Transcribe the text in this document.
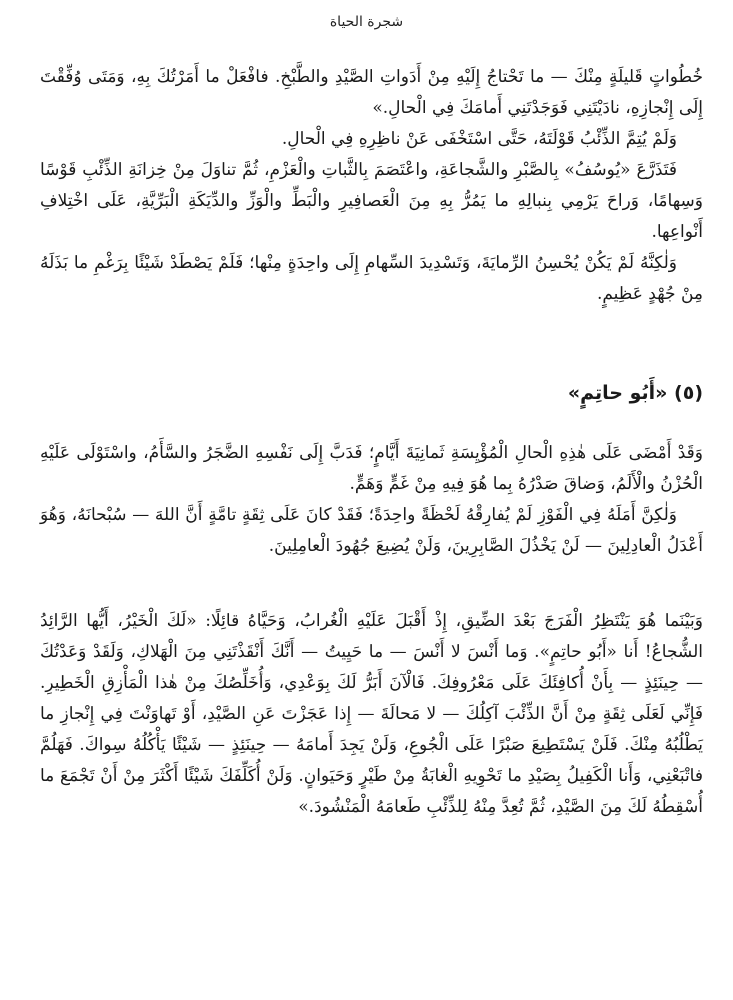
شجرة الحياة

خُطُواتٍ قَليلَةٍ مِنْكَ — ما تَحْتاجُ إِلَيْهِ مِنْ أَدَواتِ الصَّيْدِ والطَّبْخِ. فافْعَلْ ما أَمَرْتُكَ بِهِ، وَمَتَى وُفِّقْتَ إِلَى إِنْجازِهِ، نادَيْتَنِي فَوَجَدْتَنِي أَمامَكَ فِي الْحالِ.»

وَلَمْ يُتِمَّ الذِّئْبُ قَوْلَتَهُ، حَتَّى اسْتَخْفَى عَنْ ناظِرِهِ فِي الْحالِ.

فَتَذَرَّعَ «يُوسُفُ» بِالصَّبْرِ والشَّجاعَةِ، واعْتَصَمَ بِالثَّباتِ والْعَزْمِ، ثُمَّ تناوَلَ مِنْ خِزانَةِ الذِّئْبِ قَوْسًا وَسِهامًا، وَراحَ يَرْمِي بِنبالِهِ ما يَمُرُّ بِهِ مِنَ الْعَصافِيرِ والْبَطِّ والْوَزِّ والدِّيَكَةِ الْبَرِّيَّةِ، عَلَى اخْتِلافِ أَنْواعِها.

وَلٰكِنَّهُ لَمْ يَكُنْ يُحْسِنُ الرِّمايَةَ، وَتَسْدِيدَ السِّهامِ إِلَى واحِدَةٍ مِنْها؛ فَلَمْ يَصْطَدْ شَيْئًا بِرَغْمِ ما بَذَلَهُ مِنْ جُهْدٍ عَظِيمٍ.

(٥) «أَبُو حاتِمٍ»

وَقَدْ أَمْضَى عَلَى هٰذِهِ الْحالِ الْمُؤْيِسَةِ ثَمانِيَةَ أَيَّامٍ؛ فَدَبَّ إِلَى نَفْسِهِ الضَّجَرُ والسَّأَمُ، واسْتَوْلَى عَلَيْهِ الْحُزْنُ والْأَلَمُ، وَضاقَ صَدْرُهُ بِما هُوَ فِيهِ مِنْ غَمٍّ وَهَمٍّ.

وَلٰكِنَّ أَمَلَهُ فِي الْفَوْزِ لَمْ يُفارِقْهُ لَحْظَةً واحِدَةً؛ فَقَدْ كانَ عَلَى ثِقَةٍ تامَّةٍ أَنَّ اللهَ — سُبْحانَهُ، وَهُوَ أَعْدَلُ الْعادِلِينَ — لَنْ يَخْذُلَ الصَّابِرِينَ، وَلَنْ يُضِيعَ جُهُودَ الْعامِلِينَ.

وَبَيْنَما هُوَ يَنْتَظِرُ الْفَرَجَ بَعْدَ الضِّيقِ، إِذْ أَقْبَلَ عَلَيْهِ الْغُرابُ، وَحَيَّاهُ قائِلًا: «لَكَ الْخَيْرُ، أَيُّها الرَّائِدُ الشُّجاعُ! أَنا «أَبُو حاتِمٍ». وَما أَنْسَ لا أَنْسَ — ما حَيِيتُ — أَنَّكَ أَنْقَذْتَنِي مِنَ الْهَلاكِ، وَلَقَدْ وَعَدْتُكَ — حِينَئِذٍ — بِأَنْ أُكافِئَكَ عَلَى مَعْرُوفِكَ. فَالْآنَ أَبَرُّ لَكَ بِوَعْدِي، وَأُخَلِّصُكَ مِنْ هٰذا الْمَأْزِقِ الْخَطِيرِ. فَإِنِّي لَعَلَى ثِقَةٍ مِنْ أَنَّ الذِّئْبَ آكِلُكَ — لا مَحالَةَ — إِذا عَجَزْتَ عَنِ الصَّيْدِ، أَوْ تَهاوَنْتَ فِي إِنْجازِ ما يَطْلُبُهُ مِنْكَ. فَلَنْ يَسْتَطِيعَ صَبْرًا عَلَى الْجُوعِ، وَلَنْ يَجِدَ أَمامَهُ — حِينَئِذٍ — شَيْئًا يَأْكُلُهُ سِواكَ. فَهَلُمَّ فاتْبَعْنِي، وَأَنا الْكَفِيلُ بِصَيْدِ ما تَحْوِيهِ الْغابَةُ مِنْ طَيْرٍ وَحَيَوانٍ. وَلَنْ أُكَلِّفَكَ شَيْئًا أَكْثَرَ مِنْ أَنْ تَجْمَعَ ما أُسْقِطُهُ لَكَ مِنَ الصَّيْدِ، ثُمَّ تُعِدَّ مِنْهُ لِلذِّئْبِ طَعامَهُ الْمَنْشُودَ.»
